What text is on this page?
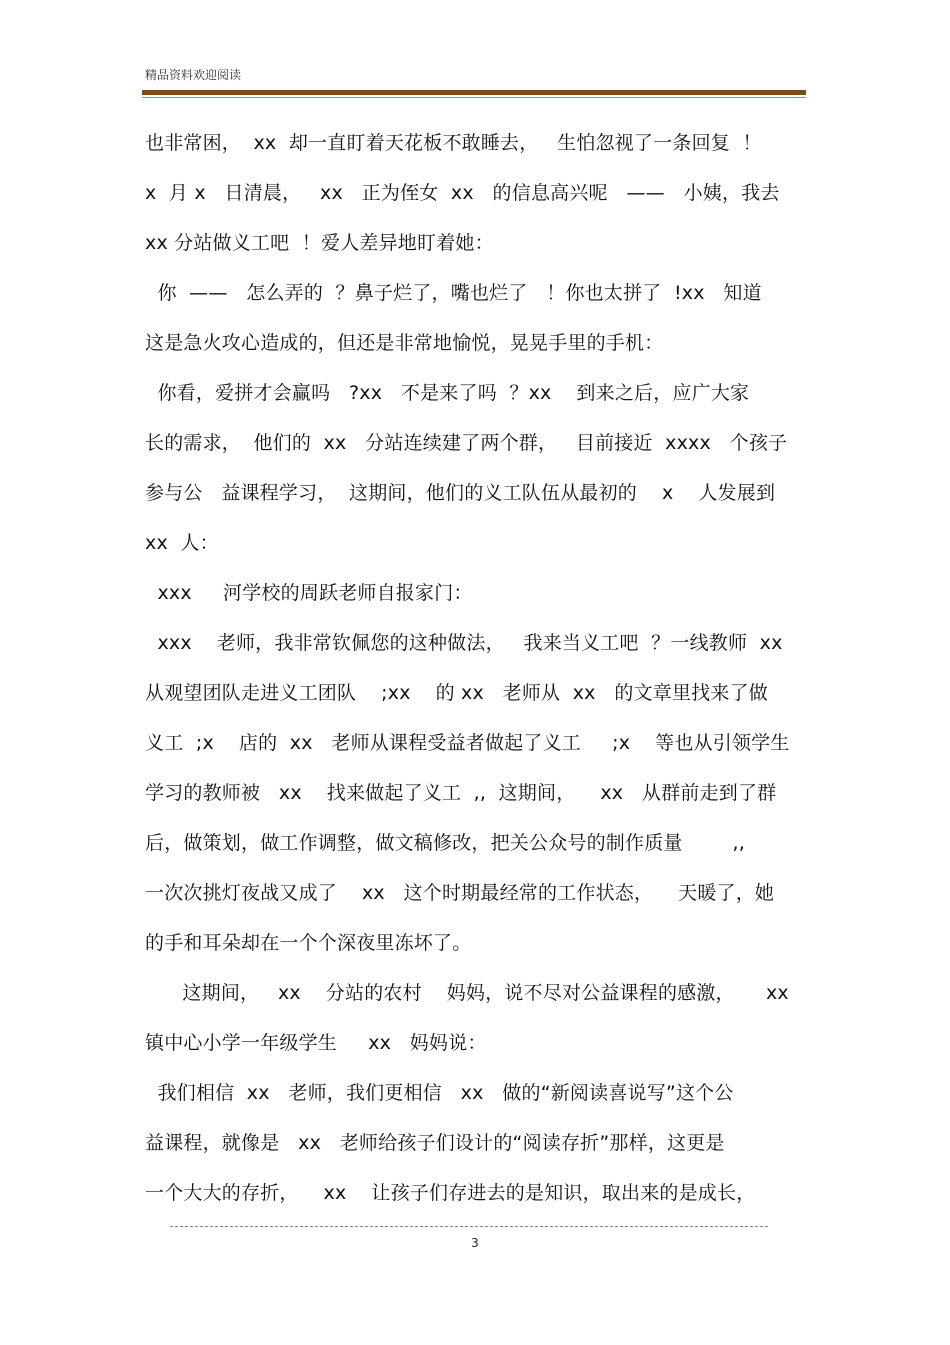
精品资料欢迎阅读
也非常困，  xx  却一直盯着天花板不敢睡去，   生怕忽视了一条回复  ！
x  月 x   日清晨，   xx   正为侄女  xx   的信息高兴呢   ——   小姨，我去
xx 分站做义工吧  ！爱人差异地盯着她：
你  ——   怎么弄的  ？鼻子烂了，嘴也烂了   ！你也太拼了  !xx   知道
这是急火攻心造成的，但还是非常地愉悦，晃晃手里的手机：
你看，爱拼才会赢吗   ?xx   不是来了吗  ？xx    到来之后，应广大家
长的需求，  他们的  xx   分站连续建了两个群，   目前接近  xxxx   个孩子
参与公   益课程学习，  这期间，他们的义工队伍从最初的    x    人发展到
xx  人：
xxx     河学校的周跃老师自报家门：
xxx    老师，我非常钦佩您的这种做法，   我来当义工吧  ？一线教师  xx
从观望团队走进义工团队    ;xx    的 xx   老师从  xx   的文章里找来了做
义工  ;x    店的  xx   老师从课程受益者做起了义工     ;x    等也从引领学生
学习的教师被   xx    找来做起了义工  ,,  这期间，    xx   从群前走到了群
后，做策划，做工作调整，做文稿修改，把关公众号的制作质量        ,,
一次次挑灯夜战又成了    xx   这个时期最经常的工作状态，    天暖了，她
的手和耳朵却在一个个深夜里冻坏了。
这期间，   xx    分站的农村    妈妈，说不尽对公益课程的感激，     xx
镇中心小学一年级学生     xx   妈妈说：
我们相信  xx   老师，我们更相信   xx   做的“新阅读喜说写”这个公
益课程，就像是   xx   老师给孩子们设计的“阅读存折”那样，这更是
一个大大的存折，    xx    让孩子们存进去的是知识，取出来的是成长，
3
